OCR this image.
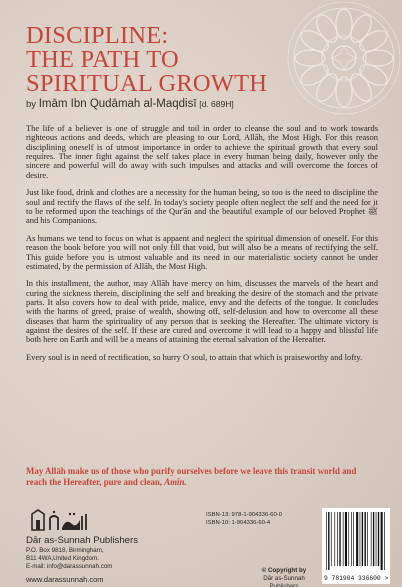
DISCIPLINE:
THE PATH TO
SPIRITUAL GROWTH
by Imām Ibn Qudāmah al-Maqdisī [d. 689H]

The life of a believer is one of struggle and toil in order to cleanse the soul and to work towards righteous actions and deeds, which are pleasing to our Lord, Allāh, the Most High. For this reason disciplining oneself is of utmost importance in order to achieve the spiritual growth that every soul requires. The inner fight against the self takes place in every human being daily, however only the sincere and powerful will do away with such impulses and attacks and will overcome the forces of desire.

Just like food, drink and clothes are a necessity for the human being, so too is the need to discipline the soul and rectify the flaws of the self. In today's society people often neglect the self and the need for it to be reformed upon the teachings of the Qur'ān and the beautiful example of our beloved Prophet ﷺ and his Companions.

As humans we tend to focus on what is appaent and neglect the spiritual dimension of oneself. For this reason the book before you will not only fill that void, but will also be a means of rectifying the self. This guide before you is utmost valuable and its need in our materialistic society cannot be under estimated, by the permission of Allāh, the Most High.

In this installment, the author, may Allāh have mercy on him, discusses the marvels of the heart and curing the sickness therein, disciplining the self and breaking the desire of the stomach and the private parts. It also covers how to deal with pride, malice, envy and the defects of the tongue. It concludes with the harms of greed, praise of wealth, showing off, self-delusion and how to overcome all these diseases that harm the spirituality of any person that is seeking the Hereafter. The ultimate victory is against the desires of the self. If these are cured and overcome it will lead to a happy and blissful life both here on Earth and will be a means of attaining the eternal salvation of the Hereafter.

Every soul is in need of rectification, so hurry O soul, to attain that which is praiseworthy and lofty.

May Allāh make us of those who purify ourselves before we leave this transit world and reach the Hereafter, pure and clean, Amīn.
Dār as-Sunnah Publishers
P.O. Box 9818, Birmingham,
B11 4WA,United Kingdom.
E-mail: info@darassunnah.com
www.darassunnah.com
ISBN-13: 978-1-904336-60-0
ISBN-10: 1-904336-60-4
© Copyright by
Dār as-Sunnah Publishers
9 781904 336600 >
